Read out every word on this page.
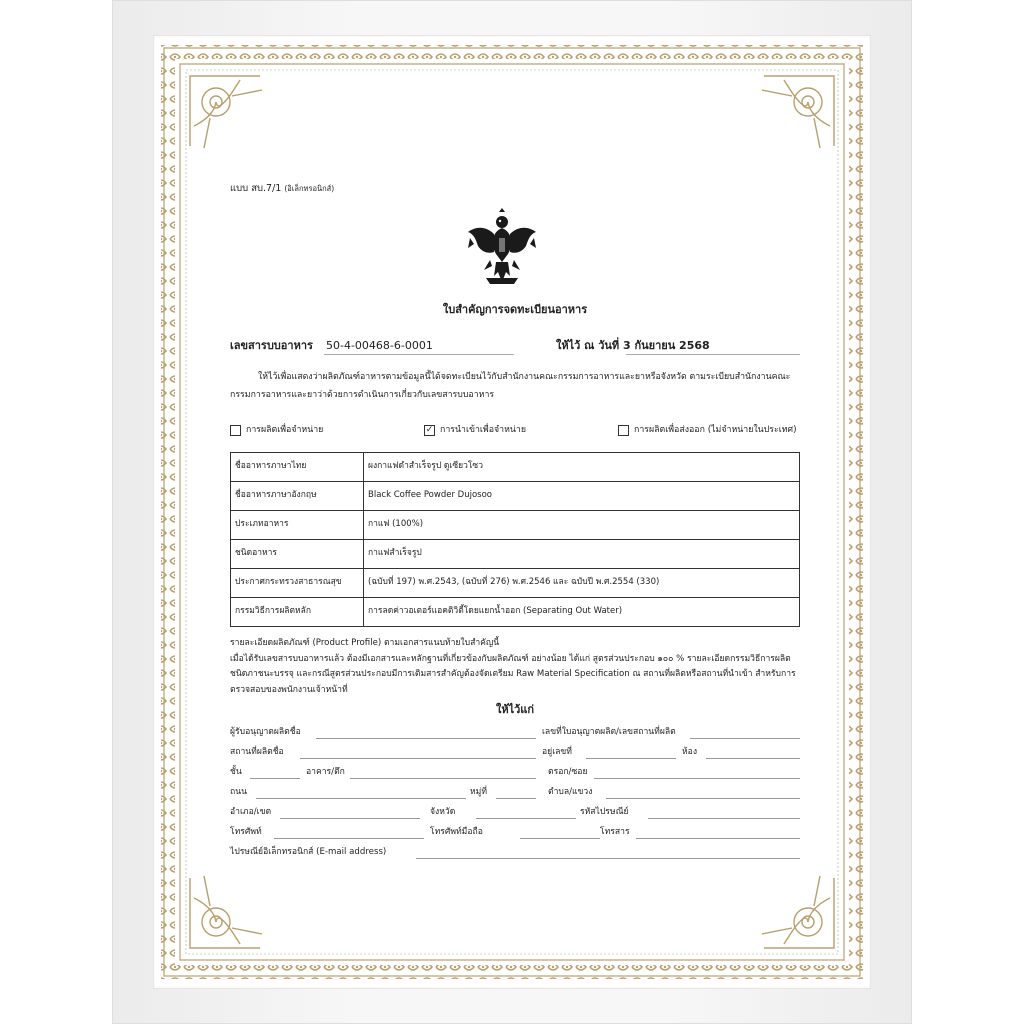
แบบ สบ.7/1 (อิเล็กทรอนิกส์)
ใบสำคัญการจดทะเบียนอาหาร
เลขสารบบอาหาร 50-4-00468-6-0001	ให้ไว้ ณ วันที่ 3 กันยายน 2568
ให้ไว้เพื่อแสดงว่าผลิตภัณฑ์อาหารตามข้อมูลนี้ได้จดทะเบียนไว้กับสำนักงานคณะกรรมการอาหารและยาหรือจังหวัด ตามระเบียบสำนักงานคณะกรรมการอาหารและยาว่าด้วยการดำเนินการเกี่ยวกับเลขสารบบอาหาร
การผลิตเพื่อจำหน่าย	✓ การนำเข้าเพื่อจำหน่าย	การผลิตเพื่อส่งออก (ไม่จำหน่ายในประเทศ)
ชื่ออาหารภาษาไทย	ผงกาแฟดำสำเร็จรูป ดูเซียวโซว
ชื่ออาหารภาษาอังกฤษ	Black Coffee Powder Dujosoo
ประเภทอาหาร	กาแฟ (100%)
ชนิดอาหาร	กาแฟสำเร็จรูป
ประกาศกระทรวงสาธารณสุข	(ฉบับที่ 197) พ.ศ.2543, (ฉบับที่ 276) พ.ศ.2546 และ ฉบับปี พ.ศ.2554 (330)
กรรมวิธีการผลิตหลัก	การลดค่าวอเตอร์แอคติวิตี้โดยแยกน้ำออก (Separating Out Water)
รายละเอียดผลิตภัณฑ์ (Product Profile) ตามเอกสารแนบท้ายใบสำคัญนี้
เมื่อได้รับเลขสารบบอาหารแล้ว ต้องมีเอกสารและหลักฐานที่เกี่ยวข้องกับผลิตภัณฑ์ อย่างน้อย ได้แก่ สูตรส่วนประกอบ ๑๐๐ % รายละเอียดกรรมวิธีการผลิต ชนิดภาชนะบรรจุ และกรณีสูตรส่วนประกอบมีการเติมสารสำคัญต้องจัดเตรียม Raw Material Specification ณ สถานที่ผลิตหรือสถานที่นำเข้า สำหรับการตรวจสอบของพนักงานเจ้าหน้าที่
ให้ไว้แก่
ผู้รับอนุญาตผลิตชื่อ	เลขที่ใบอนุญาตผลิต/เลขสถานที่ผลิต
สถานที่ผลิตชื่อ	อยู่เลขที่	ห้อง
ชั้น	อาคาร/ตึก	ตรอก/ซอย
ถนน	หมู่ที่	ตำบล/แขวง
อำเภอ/เขต	จังหวัด	รหัสไปรษณีย์
โทรศัพท์	โทรศัพท์มือถือ	โทรสาร
ไปรษณีย์อิเล็กทรอนิกส์ (E-mail address)
